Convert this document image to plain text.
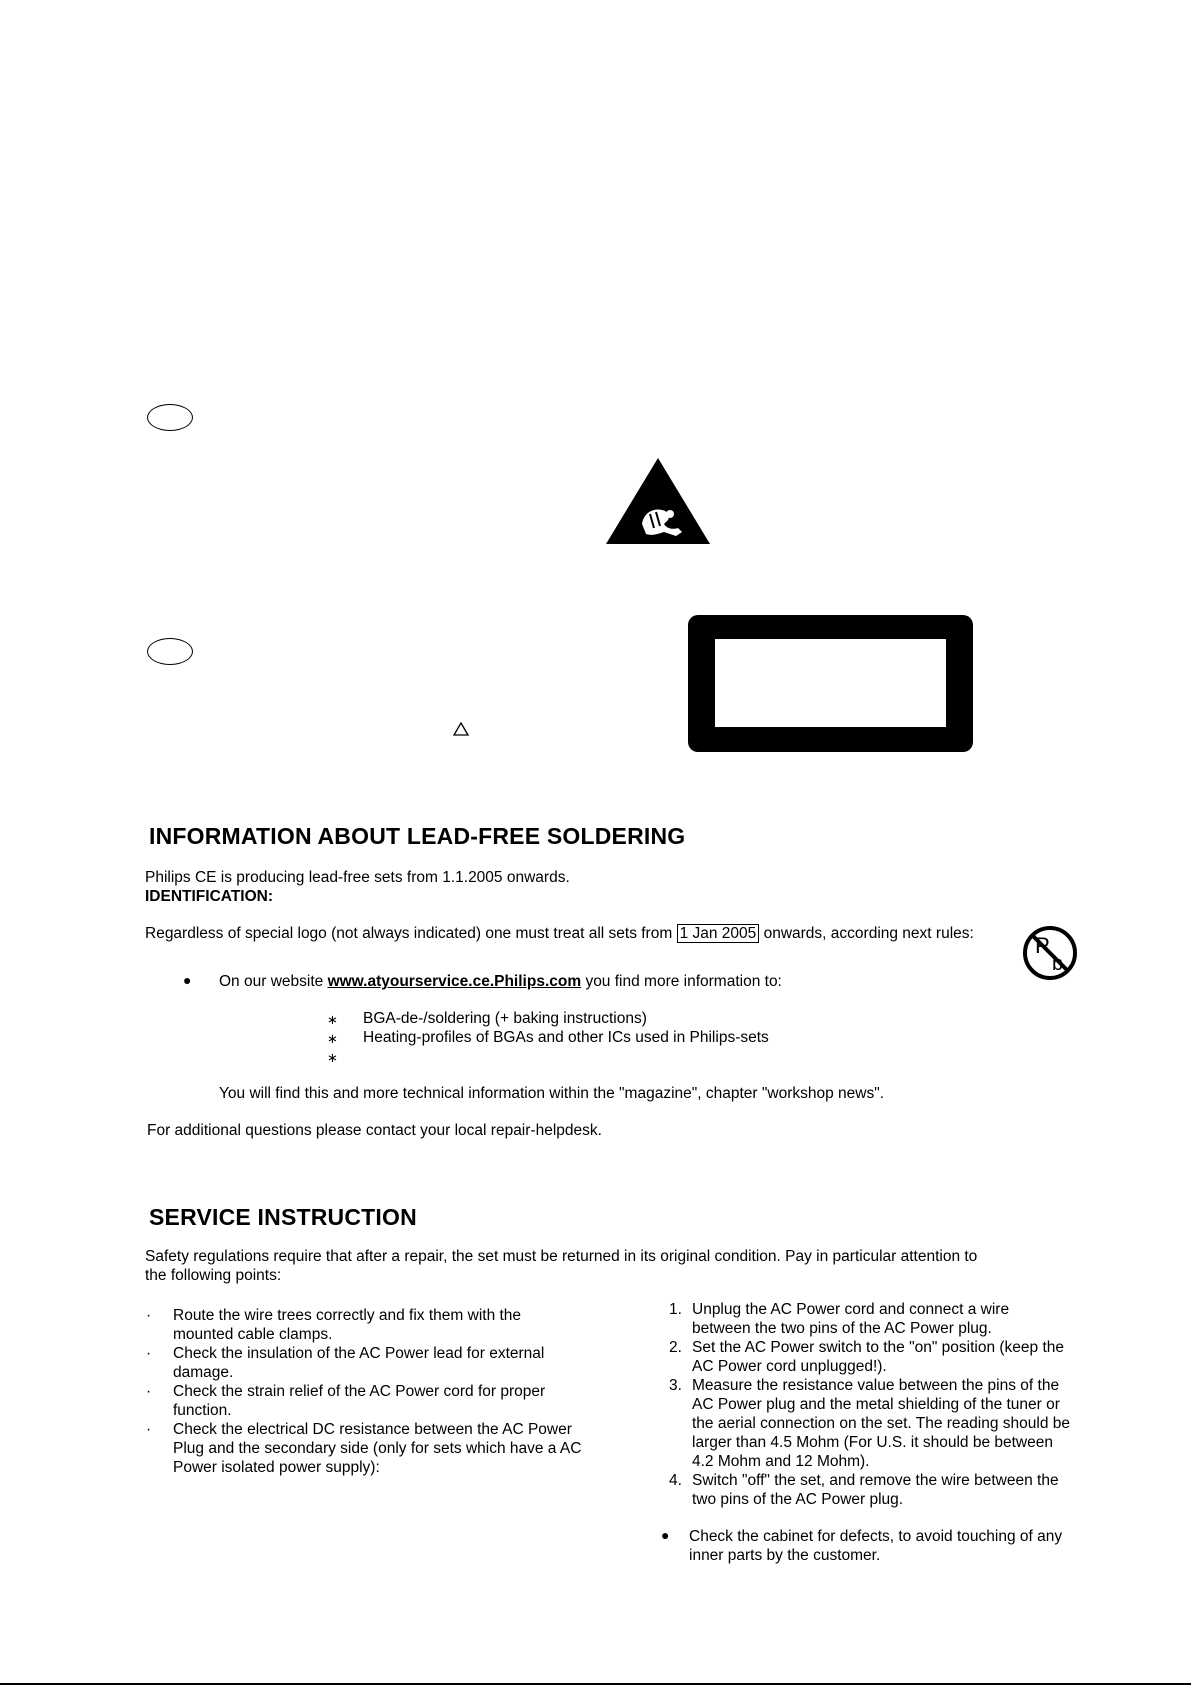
INFORMATION ABOUT LEAD-FREE SOLDERING
Philips CE is producing lead-free sets from 1.1.2005 onwards.
IDENTIFICATION:
Regardless of special logo (not always indicated) one must treat all sets from 1 Jan 2005 onwards, according next rules:	P
b
● On our website www.atyourservice.ce.Philips.com you find more information to:
∗ BGA-de-/soldering (+ baking instructions)
∗ Heating-profiles of BGAs and other ICs used in Philips-sets
∗
You will find this and more technical information within the "magazine", chapter "workshop news".
For additional questions please contact your local repair-helpdesk.
SERVICE INSTRUCTION
Safety regulations require that after a repair, the set must be returned in its original condition. Pay in particular attention to
the following points:
· Route the wire trees correctly and fix them with the
mounted cable clamps.
· Check the insulation of the AC Power lead for external
damage.
· Check the strain relief of the AC Power cord for proper
function.
· Check the electrical DC resistance between the AC Power
Plug and the secondary side (only for sets which have a AC
Power isolated power supply):
1. Unplug the AC Power cord and connect a wire
between the two pins of the AC Power plug.
2. Set the AC Power switch to the "on" position (keep the
AC Power cord unplugged!).
3. Measure the resistance value between the pins of the
AC Power plug and the metal shielding of the tuner or
the aerial connection on the set. The reading should be
larger than 4.5 Mohm (For U.S. it should be between
4.2 Mohm and 12 Mohm).
4. Switch "off" the set, and remove the wire between the
two pins of the AC Power plug.
● Check the cabinet for defects, to avoid touching of any
inner parts by the customer.
